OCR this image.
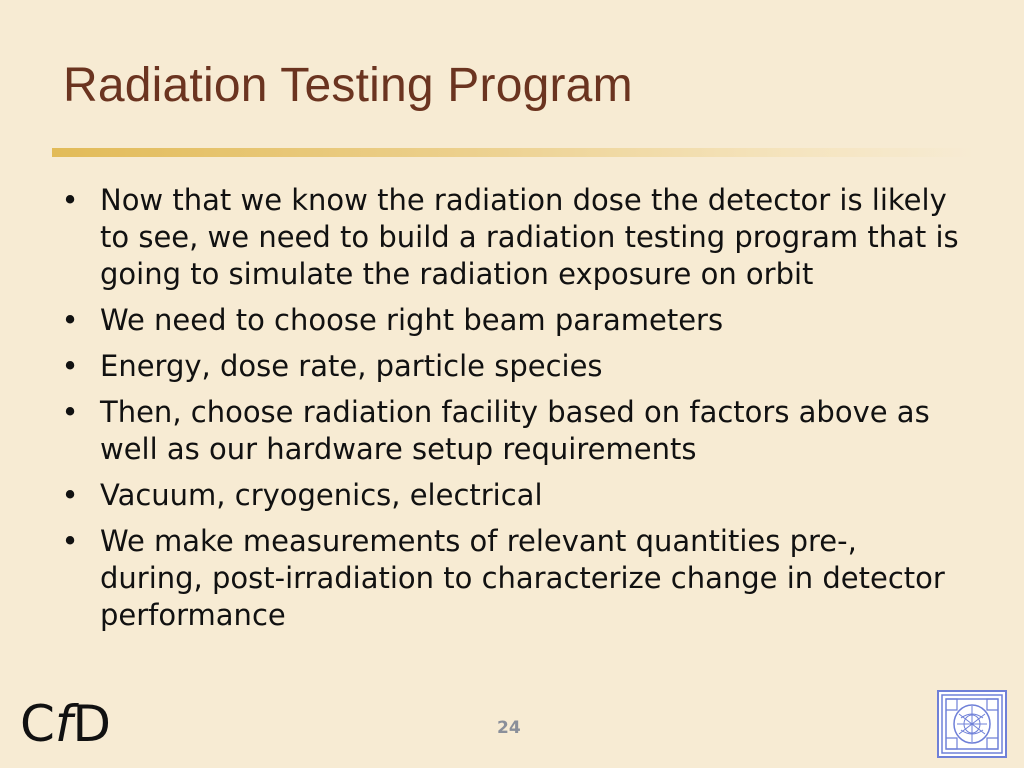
Radiation Testing Program
• Now that we know the radiation dose the detector is likely to see, we need to build a radiation testing program that is going to simulate the radiation exposure on orbit
• We need to choose right beam parameters
• Energy, dose rate, particle species
• Then, choose radiation facility based on factors above as well as our hardware setup requirements
• Vacuum, cryogenics, electrical
• We make measurements of relevant quantities pre-, during, post-irradiation to characterize change in detector performance
CfD	24
